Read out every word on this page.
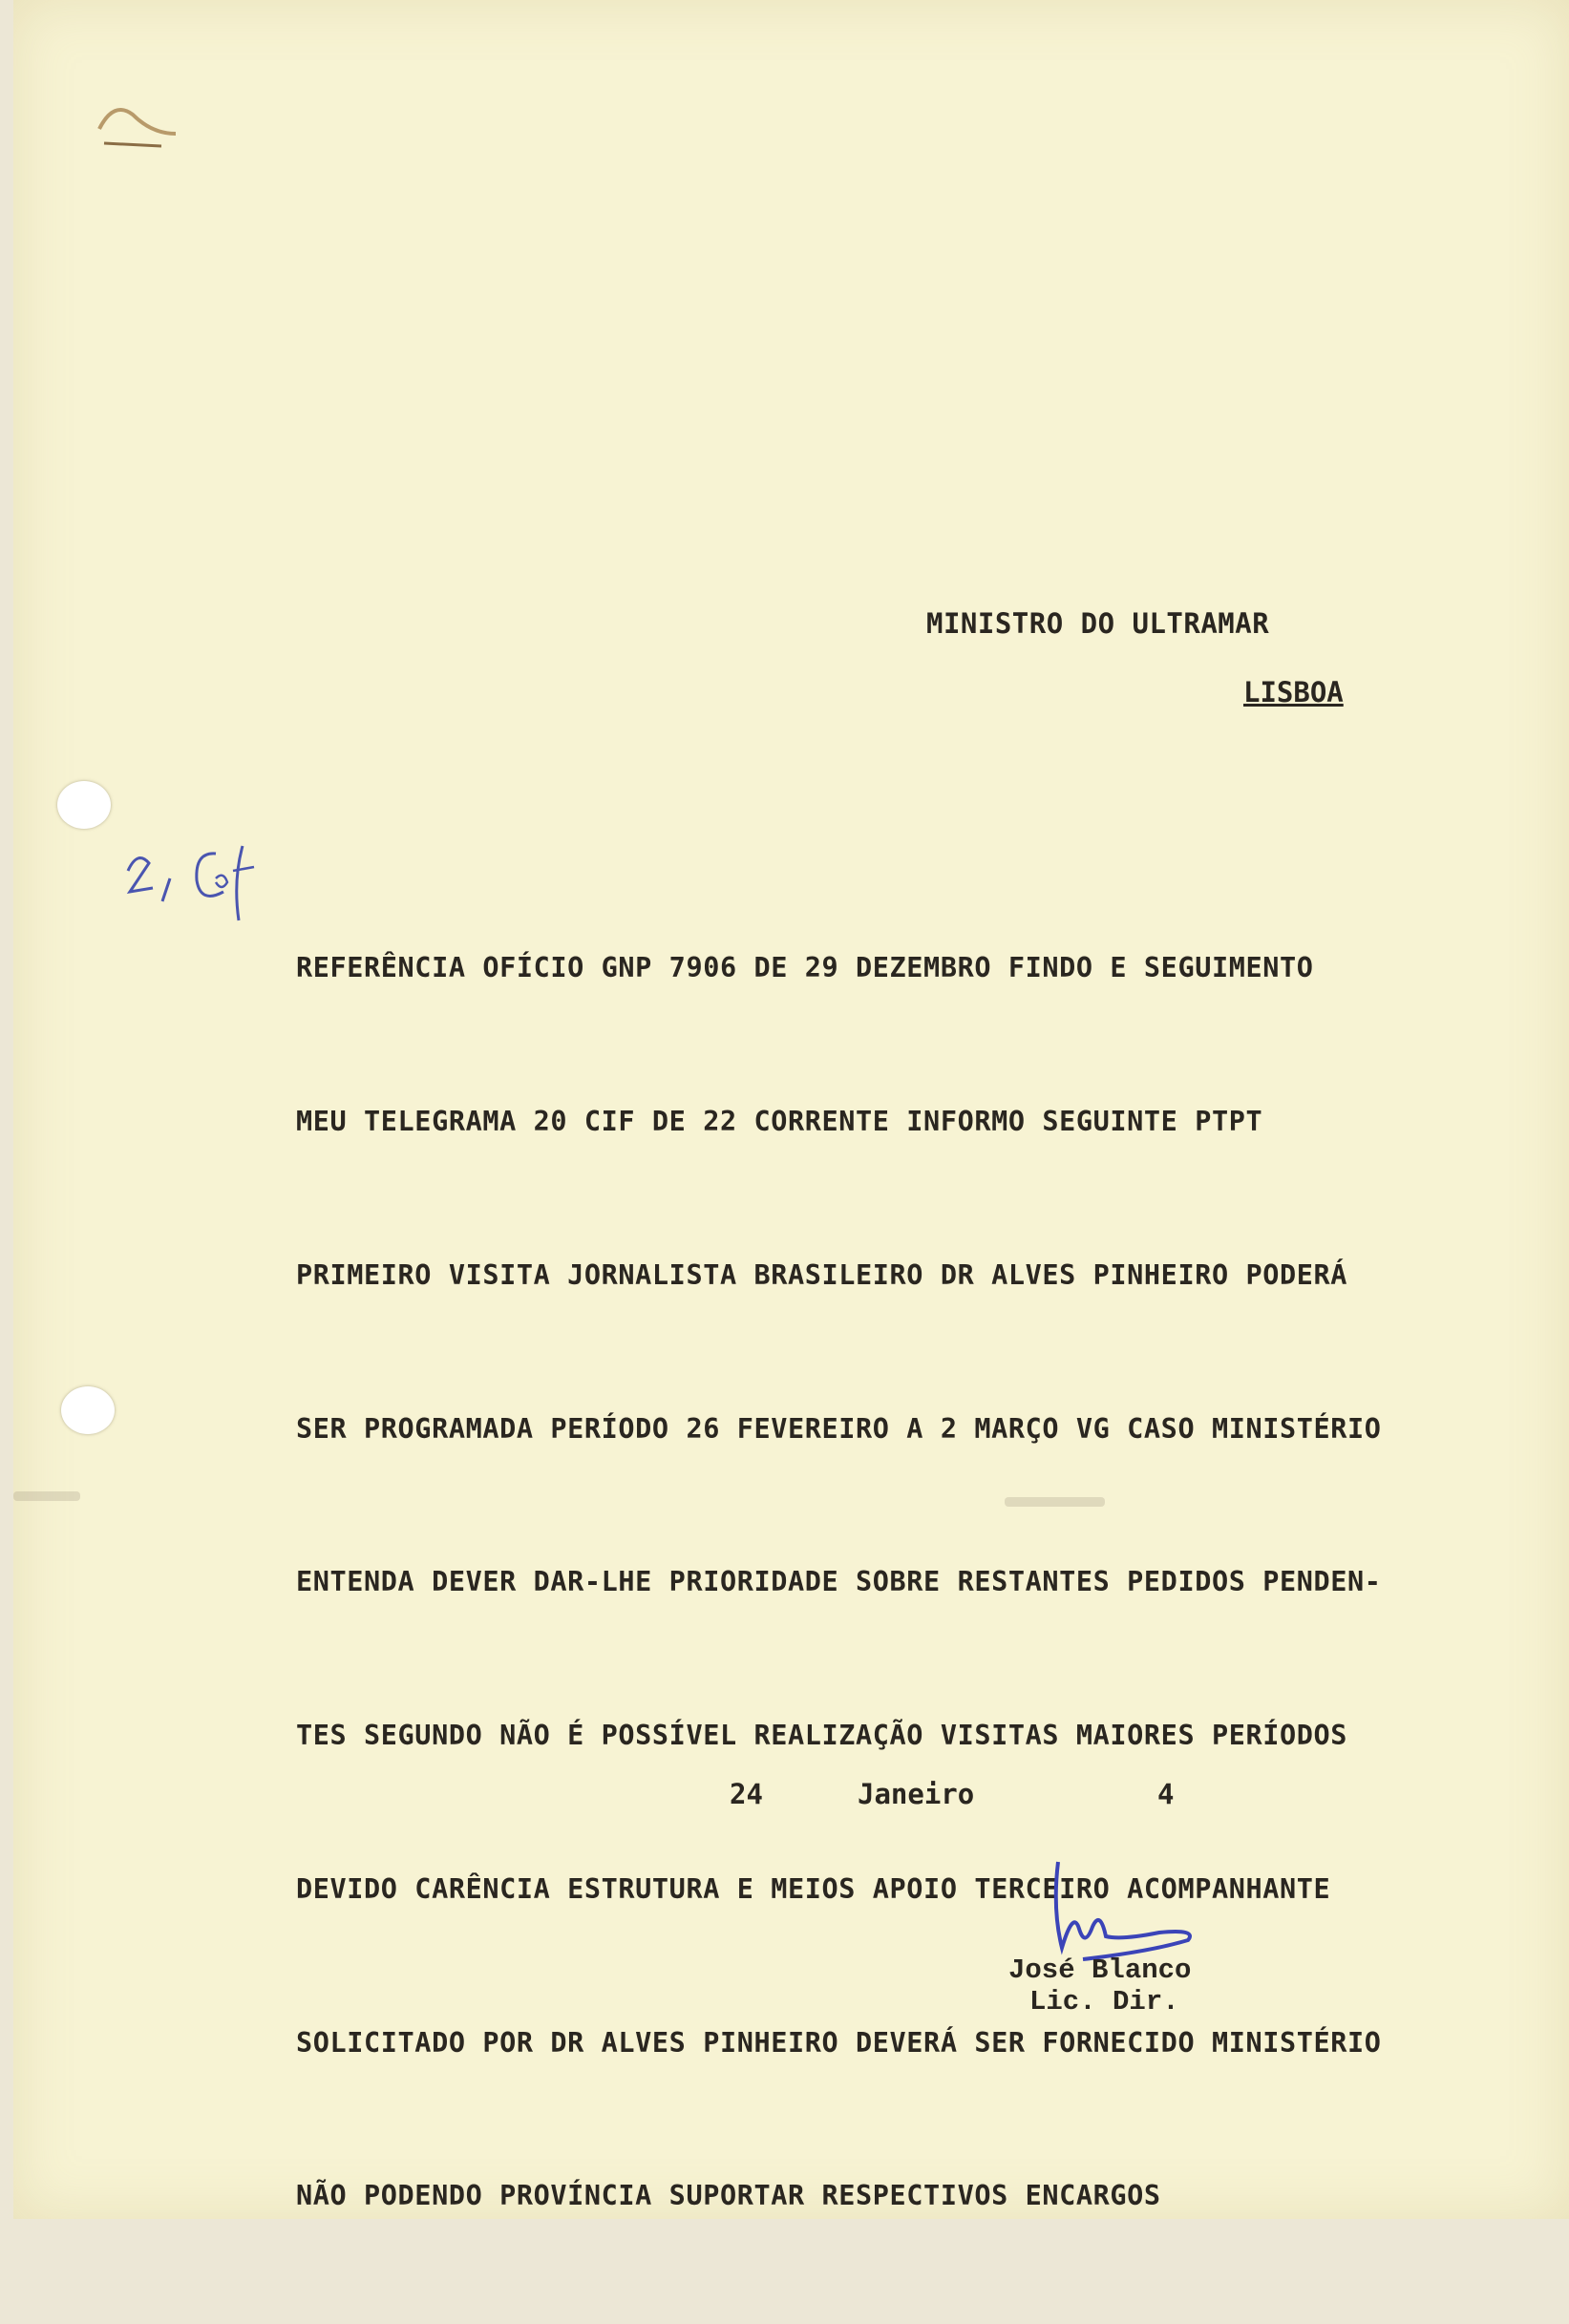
MINISTRO DO ULTRAMAR
LISBOA

REFERÊNCIA OFÍCIO GNP 7906 DE 29 DEZEMBRO FINDO E SEGUIMENTO

MEU TELEGRAMA 20 CIF DE 22 CORRENTE INFORMO SEGUINTE PTPT

PRIMEIRO VISITA JORNALISTA BRASILEIRO DR ALVES PINHEIRO PODERÁ

SER PROGRAMADA PERÍODO 26 FEVEREIRO A 2 MARÇO VG CASO MINISTÉRIO

ENTENDA DEVER DAR-LHE PRIORIDADE SOBRE RESTANTES PEDIDOS PENDEN-

TES SEGUNDO NÃO É POSSÍVEL REALIZAÇÃO VISITAS MAIORES PERÍODOS

DEVIDO CARÊNCIA ESTRUTURA E MEIOS APOIO TERCEIRO ACOMPANHANTE

SOLICITADO POR DR ALVES PINHEIRO DEVERÁ SER FORNECIDO MINISTÉRIO

NÃO PODENDO PROVÍNCIA SUPORTAR RESPECTIVOS ENCARGOS

24	Janeiro	4
José Blanco
Lic. Dir.
